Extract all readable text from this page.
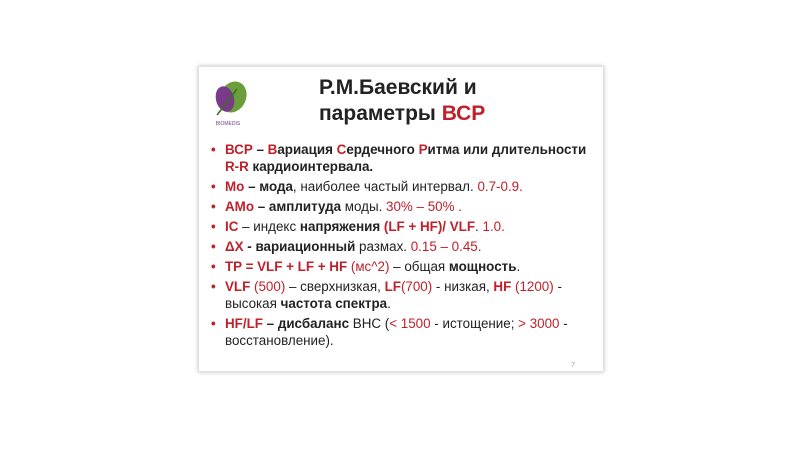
BIOMEDIS
Р.М.Баевский и
параметры ВСР
• ВСР – Вариация Сердечного Ритма или длительности R-R кардиоинтервала.
• Мо – мода, наиболее частый интервал. 0.7-0.9.
• АМо – амплитуда моды. 30% – 50% .
• IC – индекс напряжения (LF + HF)/ VLF. 1.0.
• ΔX - вариационный размах. 0.15 – 0.45.
• TP = VLF + LF + HF (мс^2) – общая мощность.
• VLF (500) – сверхнизкая, LF(700) - низкая, HF (1200) - высокая частота спектра.
• HF/LF – дисбаланс ВНС (< 1500 - истощение; > 3000 - восстановление).
7
